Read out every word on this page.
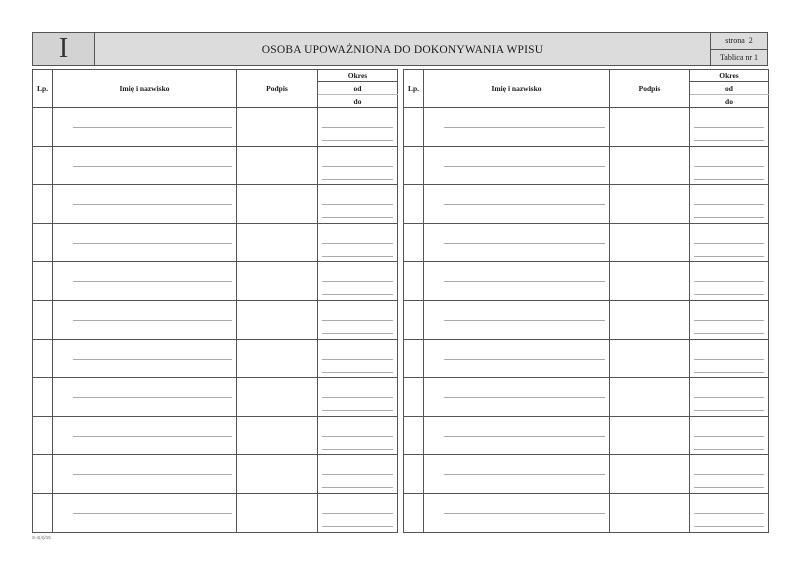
I	OSOBA UPOWAŻNIONA DO DOKONYWANIA WPISU
strona
2
Tablica nr 1
Lp.	Imię i nazwisko	Podpis	Okres
			od
			do

Lp.	Imię i nazwisko	Podpis	Okres
			od
			do

S-4(4)/15
